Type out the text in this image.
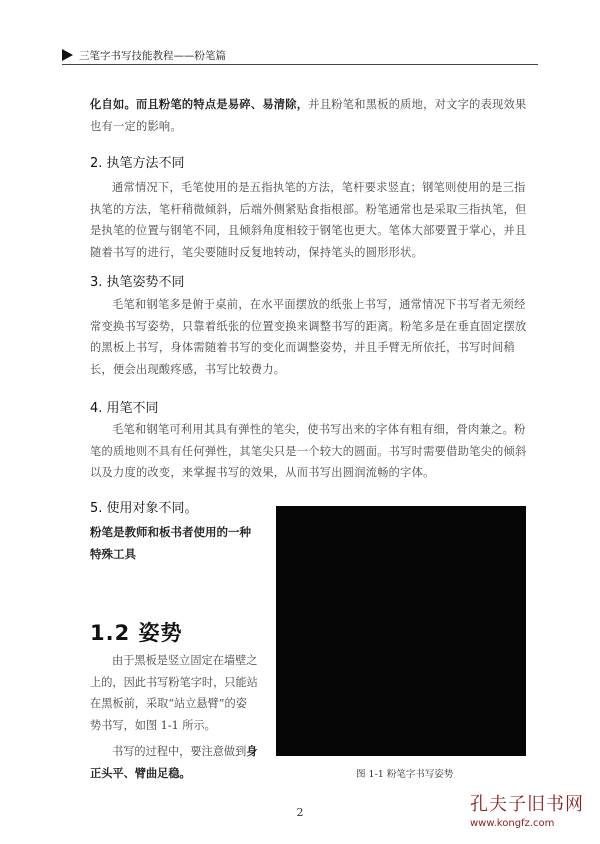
三笔字书写技能教程——粉笔篇
化自如。而且粉笔的特点是易碎、易清除，并且粉笔和黑板的质地，对文字的表现效果也有一定的影响。
2. 执笔方法不同
通常情况下，毛笔使用的是五指执笔的方法，笔杆要求竖直；钢笔则使用的是三指执笔的方法，笔杆稍微倾斜，后端外侧紧贴食指根部。粉笔通常也是采取三指执笔，但是执笔的位置与钢笔不同，且倾斜角度相较于钢笔也更大。笔体大部要置于掌心，并且随着书写的进行，笔尖要随时反复地转动，保持笔头的圆形形状。
3. 执笔姿势不同
毛笔和钢笔多是俯于桌前，在水平面摆放的纸张上书写，通常情况下书写者无须经常变换书写姿势，只靠着纸张的位置变换来调整书写的距离。粉笔多是在垂直固定摆放的黑板上书写，身体需随着书写的变化而调整姿势，并且手臂无所依托，书写时间稍长，便会出现酸疼感，书写比较费力。
4. 用笔不同
毛笔和钢笔可利用其具有弹性的笔尖，使书写出来的字体有粗有细，骨肉兼之。粉笔的质地则不具有任何弹性，其笔尖只是一个较大的圆面。书写时需要借助笔尖的倾斜以及力度的改变，来掌握书写的效果，从而书写出圆润流畅的字体。
5. 使用对象不同。
粉笔是教师和板书者使用的一种特殊工具
1.2 姿势
由于黑板是竖立固定在墙壁之上的，因此书写粉笔字时，只能站在黑板前，采取“站立悬臂”的姿势书写，如图 1-1 所示。
书写的过程中，要注意做到身正头平、臂曲足稳。	图 1-1 粉笔字书写姿势
2	孔夫子旧书网
www.kongfz.com
